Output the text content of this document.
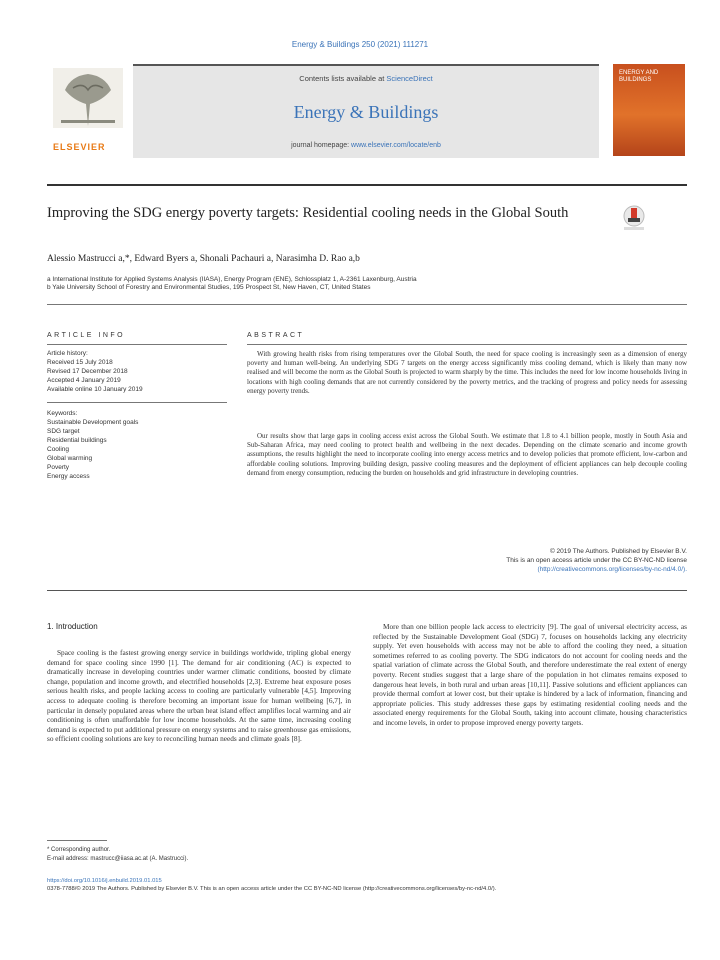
Energy & Buildings 250 (2021) 111271
ELSEVIER
Contents lists available at ScienceDirect
Energy & Buildings
journal homepage: www.elsevier.com/locate/enb
ENERGY AND BUILDINGS
Improving the SDG energy poverty targets: Residential cooling needs in the Global South
Alessio Mastrucci a,*, Edward Byers a, Shonali Pachauri a, Narasimha D. Rao a,b
a International Institute for Applied Systems Analysis (IIASA), Energy Program (ENE), Schlossplatz 1, A-2361 Laxenburg, Austria
b Yale University School of Forestry and Environmental Studies, 195 Prospect St, New Haven, CT, United States
ARTICLE INFO
Article history:
Received 15 July 2018
Revised 17 December 2018
Accepted 4 January 2019
Available online 10 January 2019
Keywords:
Sustainable Development goals
SDG target
Residential buildings
Cooling
Global warming
Poverty
Energy access
ABSTRACT
With growing health risks from rising temperatures over the Global South, the need for space cooling is increasingly seen as a dimension of energy poverty and human well-being. An underlying SDG 7 targets on the energy access significantly miss cooling demand, which is likely than many now realised and will become the norm as the Global South is projected to warm sharply by the time. This includes the need for low income households living in locations with high cooling demands that are not currently considered by the poverty metrics, and the tracking of progress and policy needs for assessing energy poverty trends.
Our results show that large gaps in cooling access exist across the Global South. We estimate that 1.8 to 4.1 billion people, mostly in South Asia and Sub-Saharan Africa, may need cooling to protect health and wellbeing in the next decades. Depending on the climate scenario and income growth assumptions, the results highlight the need to incorporate cooling into energy access metrics and to develop policies that promote efficient, low-carbon and affordable cooling solutions. Improving building design, passive cooling measures and the deployment of efficient appliances can help decouple cooling demand from energy consumption, reducing the burden on households and grid infrastructure in developing countries.
© 2019 The Authors. Published by Elsevier B.V.
This is an open access article under the CC BY-NC-ND license
(http://creativecommons.org/licenses/by-nc-nd/4.0/).
1. Introduction
Space cooling is the fastest growing energy service in buildings worldwide, tripling global energy demand for space cooling since 1990 [1]. The demand for air conditioning (AC) is expected to dramatically increase in developing countries under warmer climatic conditions, boosted by climate change, population and income growth, and electrified households [2,3]. Extreme heat exposure poses serious health risks, and people lacking access to cooling are particularly vulnerable [4,5]. Improving access to adequate cooling is therefore becoming an important issue for human wellbeing [6,7], in particular in densely populated areas where the urban heat island effect amplifies local warming and air conditioning is often unaffordable for low income households. At the same time, increasing cooling demand is expected to put additional pressure on energy systems and to raise greenhouse gas emissions, so efficient cooling solutions are key to reconciling human needs and climate goals [8].
More than one billion people lack access to electricity [9]. The goal of universal electricity access, as reflected by the Sustainable Development Goal (SDG) 7, focuses on households lacking any electricity supply. Yet even households with access may not be able to afford the cooling they need, a situation sometimes referred to as cooling poverty. The SDG indicators do not account for cooling needs and the spatial variation of climate across the Global South, and therefore underestimate the real extent of energy poverty. Recent studies suggest that a large share of the population in hot climates remains exposed to dangerous heat levels, in both rural and urban areas [10,11]. Passive solutions and efficient appliances can provide thermal comfort at lower cost, but their uptake is hindered by a lack of information, financing and appropriate policies. This study addresses these gaps by estimating residential cooling needs and the associated energy requirements for the Global South, taking into account climate, housing characteristics and income levels, in order to propose improved energy poverty targets.
* Corresponding author.
E-mail address: mastrucc@iiasa.ac.at (A. Mastrucci).
https://doi.org/10.1016/j.enbuild.2019.01.015
0378-7788/© 2019 The Authors. Published by Elsevier B.V. This is an open access article under the CC BY-NC-ND license (http://creativecommons.org/licenses/by-nc-nd/4.0/).
